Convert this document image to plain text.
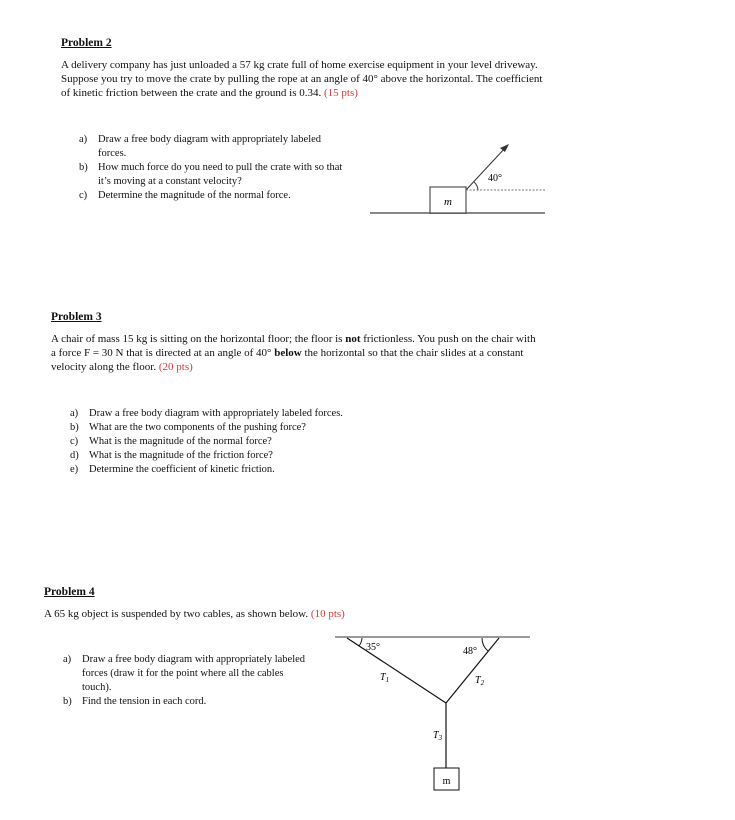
Problem 2
A delivery company has just unloaded a 57 kg crate full of home exercise equipment in your level driveway. Suppose you try to move the crate by pulling the rope at an angle of 40° above the horizontal. The coefficient of kinetic friction between the crate and the ground is 0.34. (15 pts)
a) Draw a free body diagram with appropriately labeled forces.
b) How much force do you need to pull the crate with so that it’s moving at a constant velocity?
c) Determine the magnitude of the normal force.
m
40°
Problem 3
A chair of mass 15 kg is sitting on the horizontal floor; the floor is not frictionless. You push on the chair with a force F = 30 N that is directed at an angle of 40° below the horizontal so that the chair slides at a constant velocity along the floor. (20 pts)
a) Draw a free body diagram with appropriately labeled forces.
b) What are the two components of the pushing force?
c) What is the magnitude of the normal force?
d) What is the magnitude of the friction force?
e) Determine the coefficient of kinetic friction.
Problem 4
A 65 kg object is suspended by two cables, as shown below. (10 pts)
a) Draw a free body diagram with appropriately labeled forces (draw it for the point where all the cables touch).
b) Find the tension in each cord.
35°	48°
$T_1$	$T_2$
$T_3$
m
